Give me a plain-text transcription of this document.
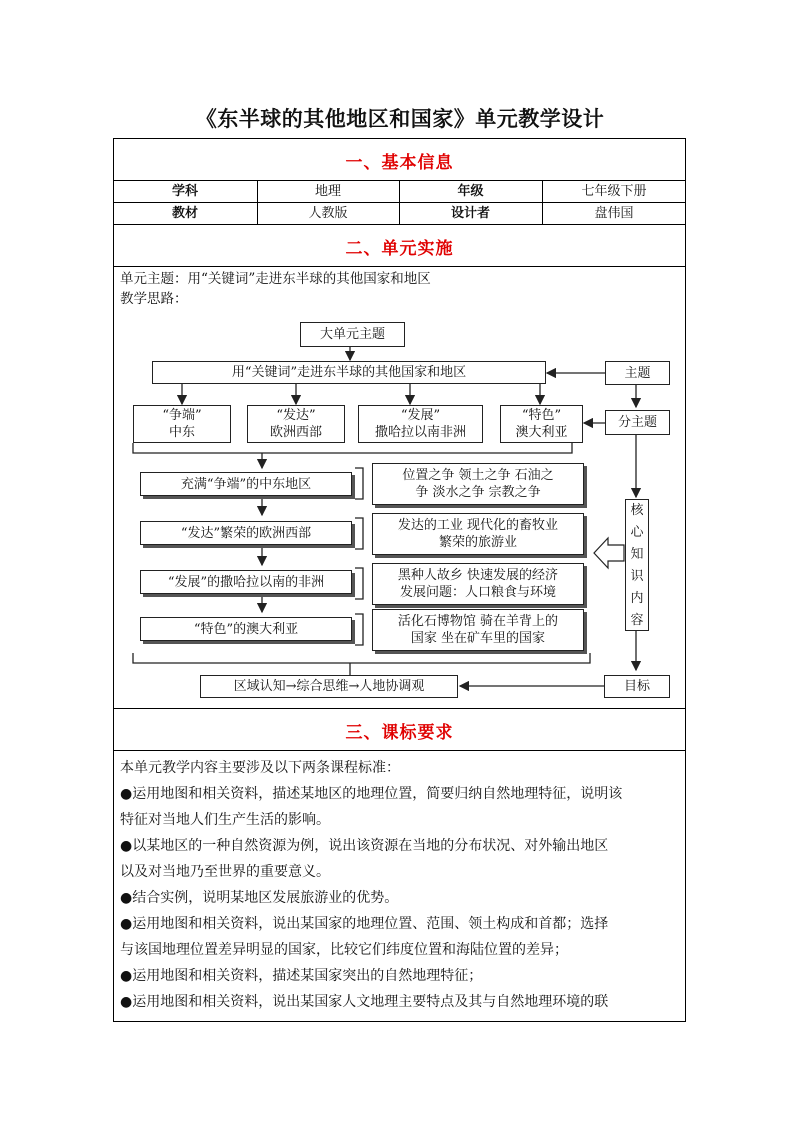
《东半球的其他地区和国家》单元教学设计
一、基本信息
学科	地理	年级	七年级下册
教材	人教版	设计者	盘伟国
二、单元实施
单元主题：用“关键词”走进东半球的其他国家和地区
教学思路：
大单元主题
用“关键词”走进东半球的其他国家和地区	主题
分主题
“争端”
中东
“发达”
欧洲西部
“发展”
撒哈拉以南非洲
“特色”
澳大利亚
充满“争端”的中东地区
“发达”繁荣的欧洲西部
“发展”的撒哈拉以南的非洲
“特色”的澳大利亚
位置之争 领土之争 石油之
争 淡水之争 宗教之争
发达的工业 现代化的畜牧业
繁荣的旅游业
黑种人故乡 快速发展的经济
发展问题：人口粮食与环境
活化石博物馆 骑在羊背上的
国家 坐在矿车里的国家
核
心
知
识
内
容
目标
区域认知→综合思维→人地协调观
三、课标要求
本单元教学内容主要涉及以下两条课程标准：
●运用地图和相关资料，描述某地区的地理位置，简要归纳自然地理特征，说明该
特征对当地人们生产生活的影响。
●以某地区的一种自然资源为例，说出该资源在当地的分布状况、对外输出地区
以及对当地乃至世界的重要意义。
●结合实例，说明某地区发展旅游业的优势。
●运用地图和相关资料，说出某国家的地理位置、范围、领土构成和首都；选择
与该国地理位置差异明显的国家，比较它们纬度位置和海陆位置的差异；
●运用地图和相关资料，描述某国家突出的自然地理特征；
●运用地图和相关资料，说出某国家人文地理主要特点及其与自然地理环境的联
